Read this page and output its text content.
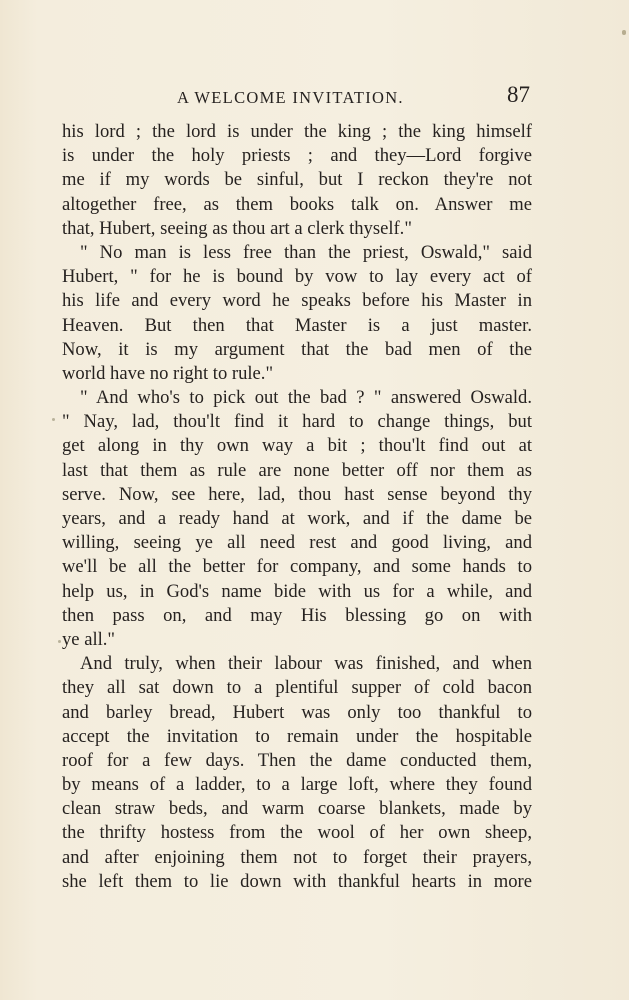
A WELCOME INVITATION.	87
his lord ; the lord is under the king ; the king himself
is under the holy priests ; and they—Lord forgive
me if my words be sinful, but I reckon they're not
altogether free, as them books talk on. Answer me
that, Hubert, seeing as thou art a clerk thyself."
" No man is less free than the priest, Oswald," said
Hubert, " for he is bound by vow to lay every act of
his life and every word he speaks before his Master in
Heaven. But then that Master is a just master.
Now, it is my argument that the bad men of the
world have no right to rule."
" And who's to pick out the bad ? " answered Oswald.
" Nay, lad, thou'lt find it hard to change things, but
get along in thy own way a bit ; thou'lt find out at
last that them as rule are none better off nor them as
serve. Now, see here, lad, thou hast sense beyond thy
years, and a ready hand at work, and if the dame be
willing, seeing ye all need rest and good living, and
we'll be all the better for company, and some hands to
help us, in God's name bide with us for a while, and
then pass on, and may His blessing go on with
ye all."
And truly, when their labour was finished, and when
they all sat down to a plentiful supper of cold bacon
and barley bread, Hubert was only too thankful to
accept the invitation to remain under the hospitable
roof for a few days. Then the dame conducted them,
by means of a ladder, to a large loft, where they found
clean straw beds, and warm coarse blankets, made by
the thrifty hostess from the wool of her own sheep,
and after enjoining them not to forget their prayers,
she left them to lie down with thankful hearts in more
